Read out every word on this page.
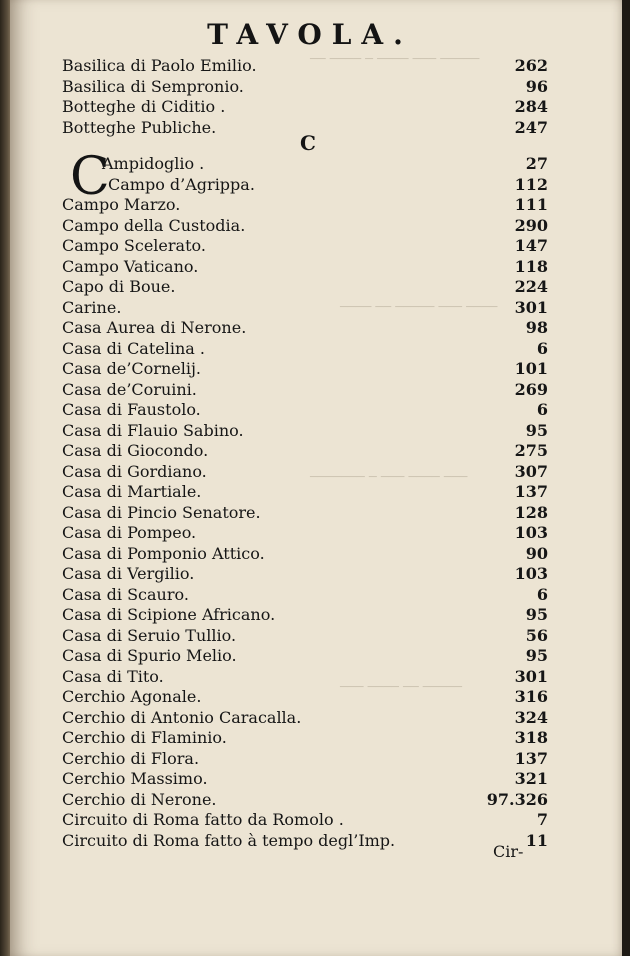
───── ─── ──── ─ ──── ──
──── ─── ───── ── ────
─── ──── ─── ─ ───────
───── ── ──── ───
TAVOLA.
Basilica di Paolo Emilio.	262
Basilica di Sempronio.	96
Botteghe di Ciditio .	284
Botteghe Publiche.	247
C
C
Ampidoglio .	27
Campo d’Agrippa.	112
Campo Marzo.	111
Campo della Custodia.	290
Campo Scelerato.	147
Campo Vaticano.	118
Capo di Boue.	224
Carine.	301
Casa Aurea di Nerone.	98
Casa di Catelina .	6
Casa de’Cornelij.	101
Casa de’Coruini.	269
Casa di Faustolo.	6
Casa di Flauio Sabino.	95
Casa di Giocondo.	275
Casa di Gordiano.	307
Casa di Martiale.	137
Casa di Pincio Senatore.	128
Casa di Pompeo.	103
Casa di Pomponio Attico.	90
Casa di Vergilio.	103
Casa di Scauro.	6
Casa di Scipione Africano.	95
Casa di Seruio Tullio.	56
Casa di Spurio Melio.	95
Casa di Tito.	301
Cerchio Agonale.	316
Cerchio di Antonio Caracalla.	324
Cerchio di Flaminio.	318
Cerchio di Flora.	137
Cerchio Massimo.	321
Cerchio di Nerone.	97.326
Circuito di Roma fatto da Romolo .	7
Circuito di Roma fatto à tempo degl’Imp.	11
Cir-
